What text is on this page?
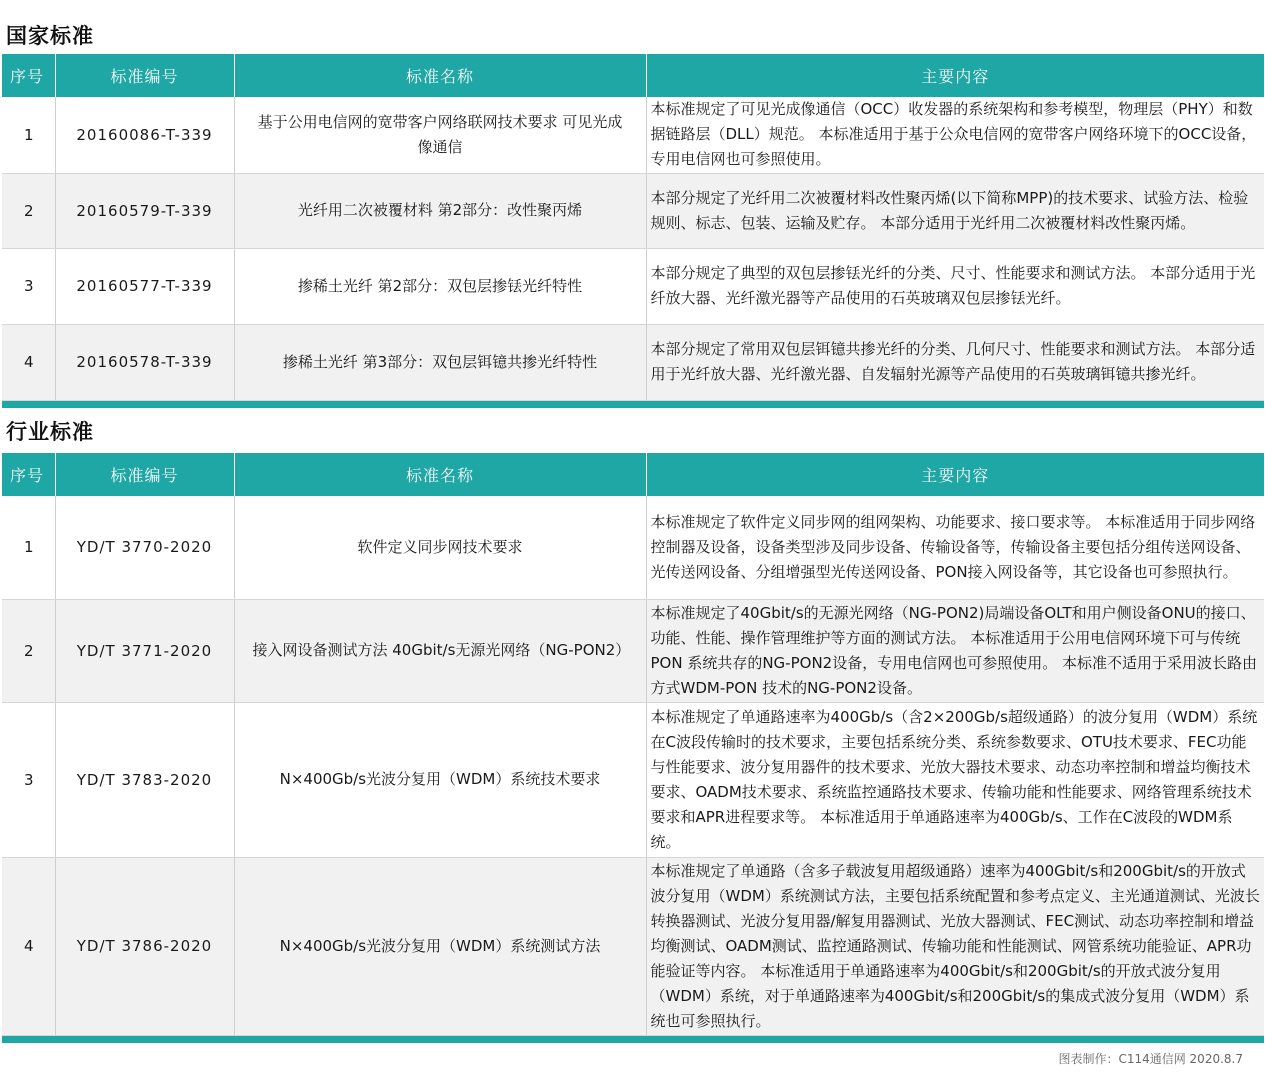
国家标准
序号	标准编号	标准名称	主要内容
1	20160086-T-339	基于公用电信网的宽带客户网络联网技术要求 可见光成像通信	本标准规定了可见光成像通信（OCC）收发器的系统架构和参考模型，物理层（PHY）和数据链路层（DLL）规范。 本标准适用于基于公众电信网的宽带客户网络环境下的OCC设备，专用电信网也可参照使用。
2	20160579-T-339	光纤用二次被覆材料 第2部分：改性聚丙烯	本部分规定了光纤用二次被覆材料改性聚丙烯(以下简称MPP)的技术要求、试验方法、检验规则、标志、包装、运输及贮存。 本部分适用于光纤用二次被覆材料改性聚丙烯。
3	20160577-T-339	掺稀土光纤 第2部分：双包层掺铥光纤特性	本部分规定了典型的双包层掺铥光纤的分类、尺寸、性能要求和测试方法。 本部分适用于光纤放大器、光纤激光器等产品使用的石英玻璃双包层掺铥光纤。
4	20160578-T-339	掺稀土光纤 第3部分：双包层铒镱共掺光纤特性	本部分规定了常用双包层铒镱共掺光纤的分类、几何尺寸、性能要求和测试方法。 本部分适用于光纤放大器、光纤激光器、自发辐射光源等产品使用的石英玻璃铒镱共掺光纤。
行业标准
序号	标准编号	标准名称	主要内容
1	YD/T 3770-2020	软件定义同步网技术要求	本标准规定了软件定义同步网的组网架构、功能要求、接口要求等。 本标准适用于同步网络控制器及设备，设备类型涉及同步设备、传输设备等，传输设备主要包括分组传送网设备、光传送网设备、分组增强型光传送网设备、PON接入网设备等，其它设备也可参照执行。
2	YD/T 3771-2020	接入网设备测试方法 40Gbit/s无源光网络（NG-PON2）	本标准规定了40Gbit/s的无源光网络（NG-PON2)局端设备OLT和用户侧设备ONU的接口、功能、性能、操作管理维护等方面的测试方法。 本标准适用于公用电信网环境下可与传统 PON 系统共存的NG-PON2设备，专用电信网也可参照使用。 本标准不适用于采用波长路由方式WDM-PON 技术的NG-PON2设备。
3	YD/T 3783-2020	N×400Gb/s光波分复用（WDM）系统技术要求	本标准规定了单通路速率为400Gb/s（含2×200Gb/s超级通路）的波分复用（WDM）系统在C波段传输时的技术要求，主要包括系统分类、系统参数要求、OTU技术要求、FEC功能与性能要求、波分复用器件的技术要求、光放大器技术要求、动态功率控制和增益均衡技术要求、OADM技术要求、系统监控通路技术要求、传输功能和性能要求、网络管理系统技术要求和APR进程要求等。 本标准适用于单通路速率为400Gb/s、工作在C波段的WDM系统。
4	YD/T 3786-2020	N×400Gb/s光波分复用（WDM）系统测试方法	本标准规定了单通路（含多子载波复用超级通路）速率为400Gbit/s和200Gbit/s的开放式波分复用（WDM）系统测试方法，主要包括系统配置和参考点定义、主光通道测试、光波长转换器测试、光波分复用器/解复用器测试、光放大器测试、FEC测试、动态功率控制和增益均衡测试、OADM测试、监控通路测试、传输功能和性能测试、网管系统功能验证、APR功能验证等内容。 本标准适用于单通路速率为400Gbit/s和200Gbit/s的开放式波分复用（WDM）系统，对于单通路速率为400Gbit/s和200Gbit/s的集成式波分复用（WDM）系统也可参照执行。
图表制作：C114通信网 2020.8.7
